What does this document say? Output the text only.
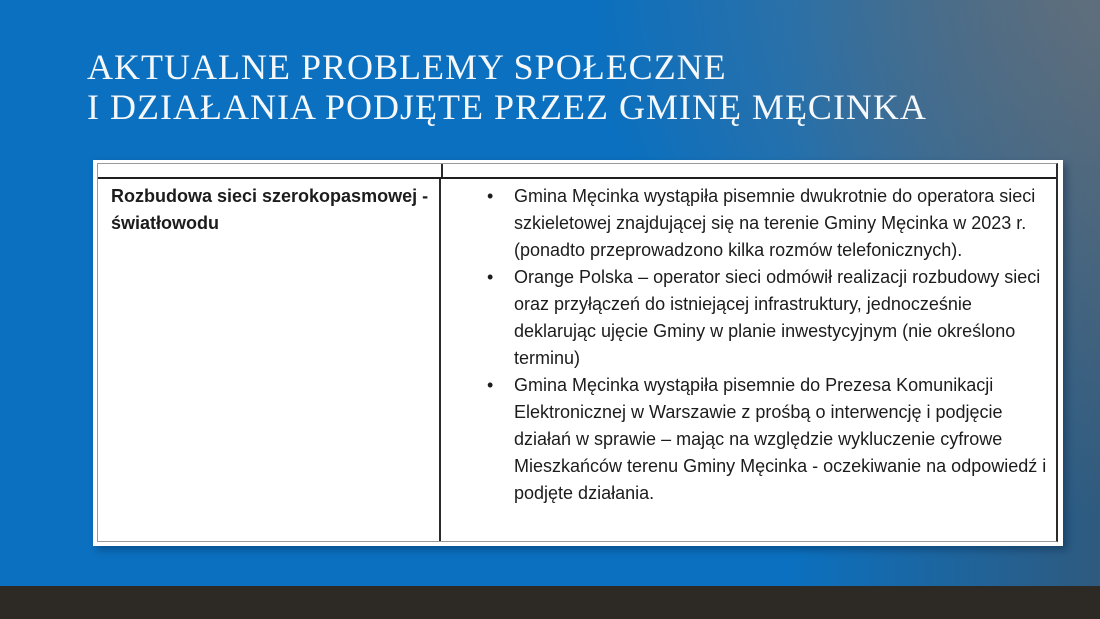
AKTUALNE PROBLEMY SPOŁECZNE
I DZIAŁANIA PODJĘTE PRZEZ GMINĘ MĘCINKA
Rozbudowa sieci szerokopasmowej - światłowodu
• Gmina Męcinka wystąpiła pisemnie dwukrotnie do operatora sieci szkieletowej znajdującej się na terenie Gminy Męcinka w 2023 r. (ponadto przeprowadzono kilka rozmów telefonicznych).
• Orange Polska – operator sieci odmówił realizacji rozbudowy sieci oraz przyłączeń do istniejącej infrastruktury, jednocześnie deklarując ujęcie Gminy w planie inwestycyjnym (nie określono terminu)
• Gmina Męcinka wystąpiła pisemnie do Prezesa Komunikacji Elektronicznej w Warszawie z prośbą o interwencję i podjęcie działań w sprawie – mając na względzie wykluczenie cyfrowe Mieszkańców terenu Gminy Męcinka - oczekiwanie na odpowiedź i podjęte działania.
